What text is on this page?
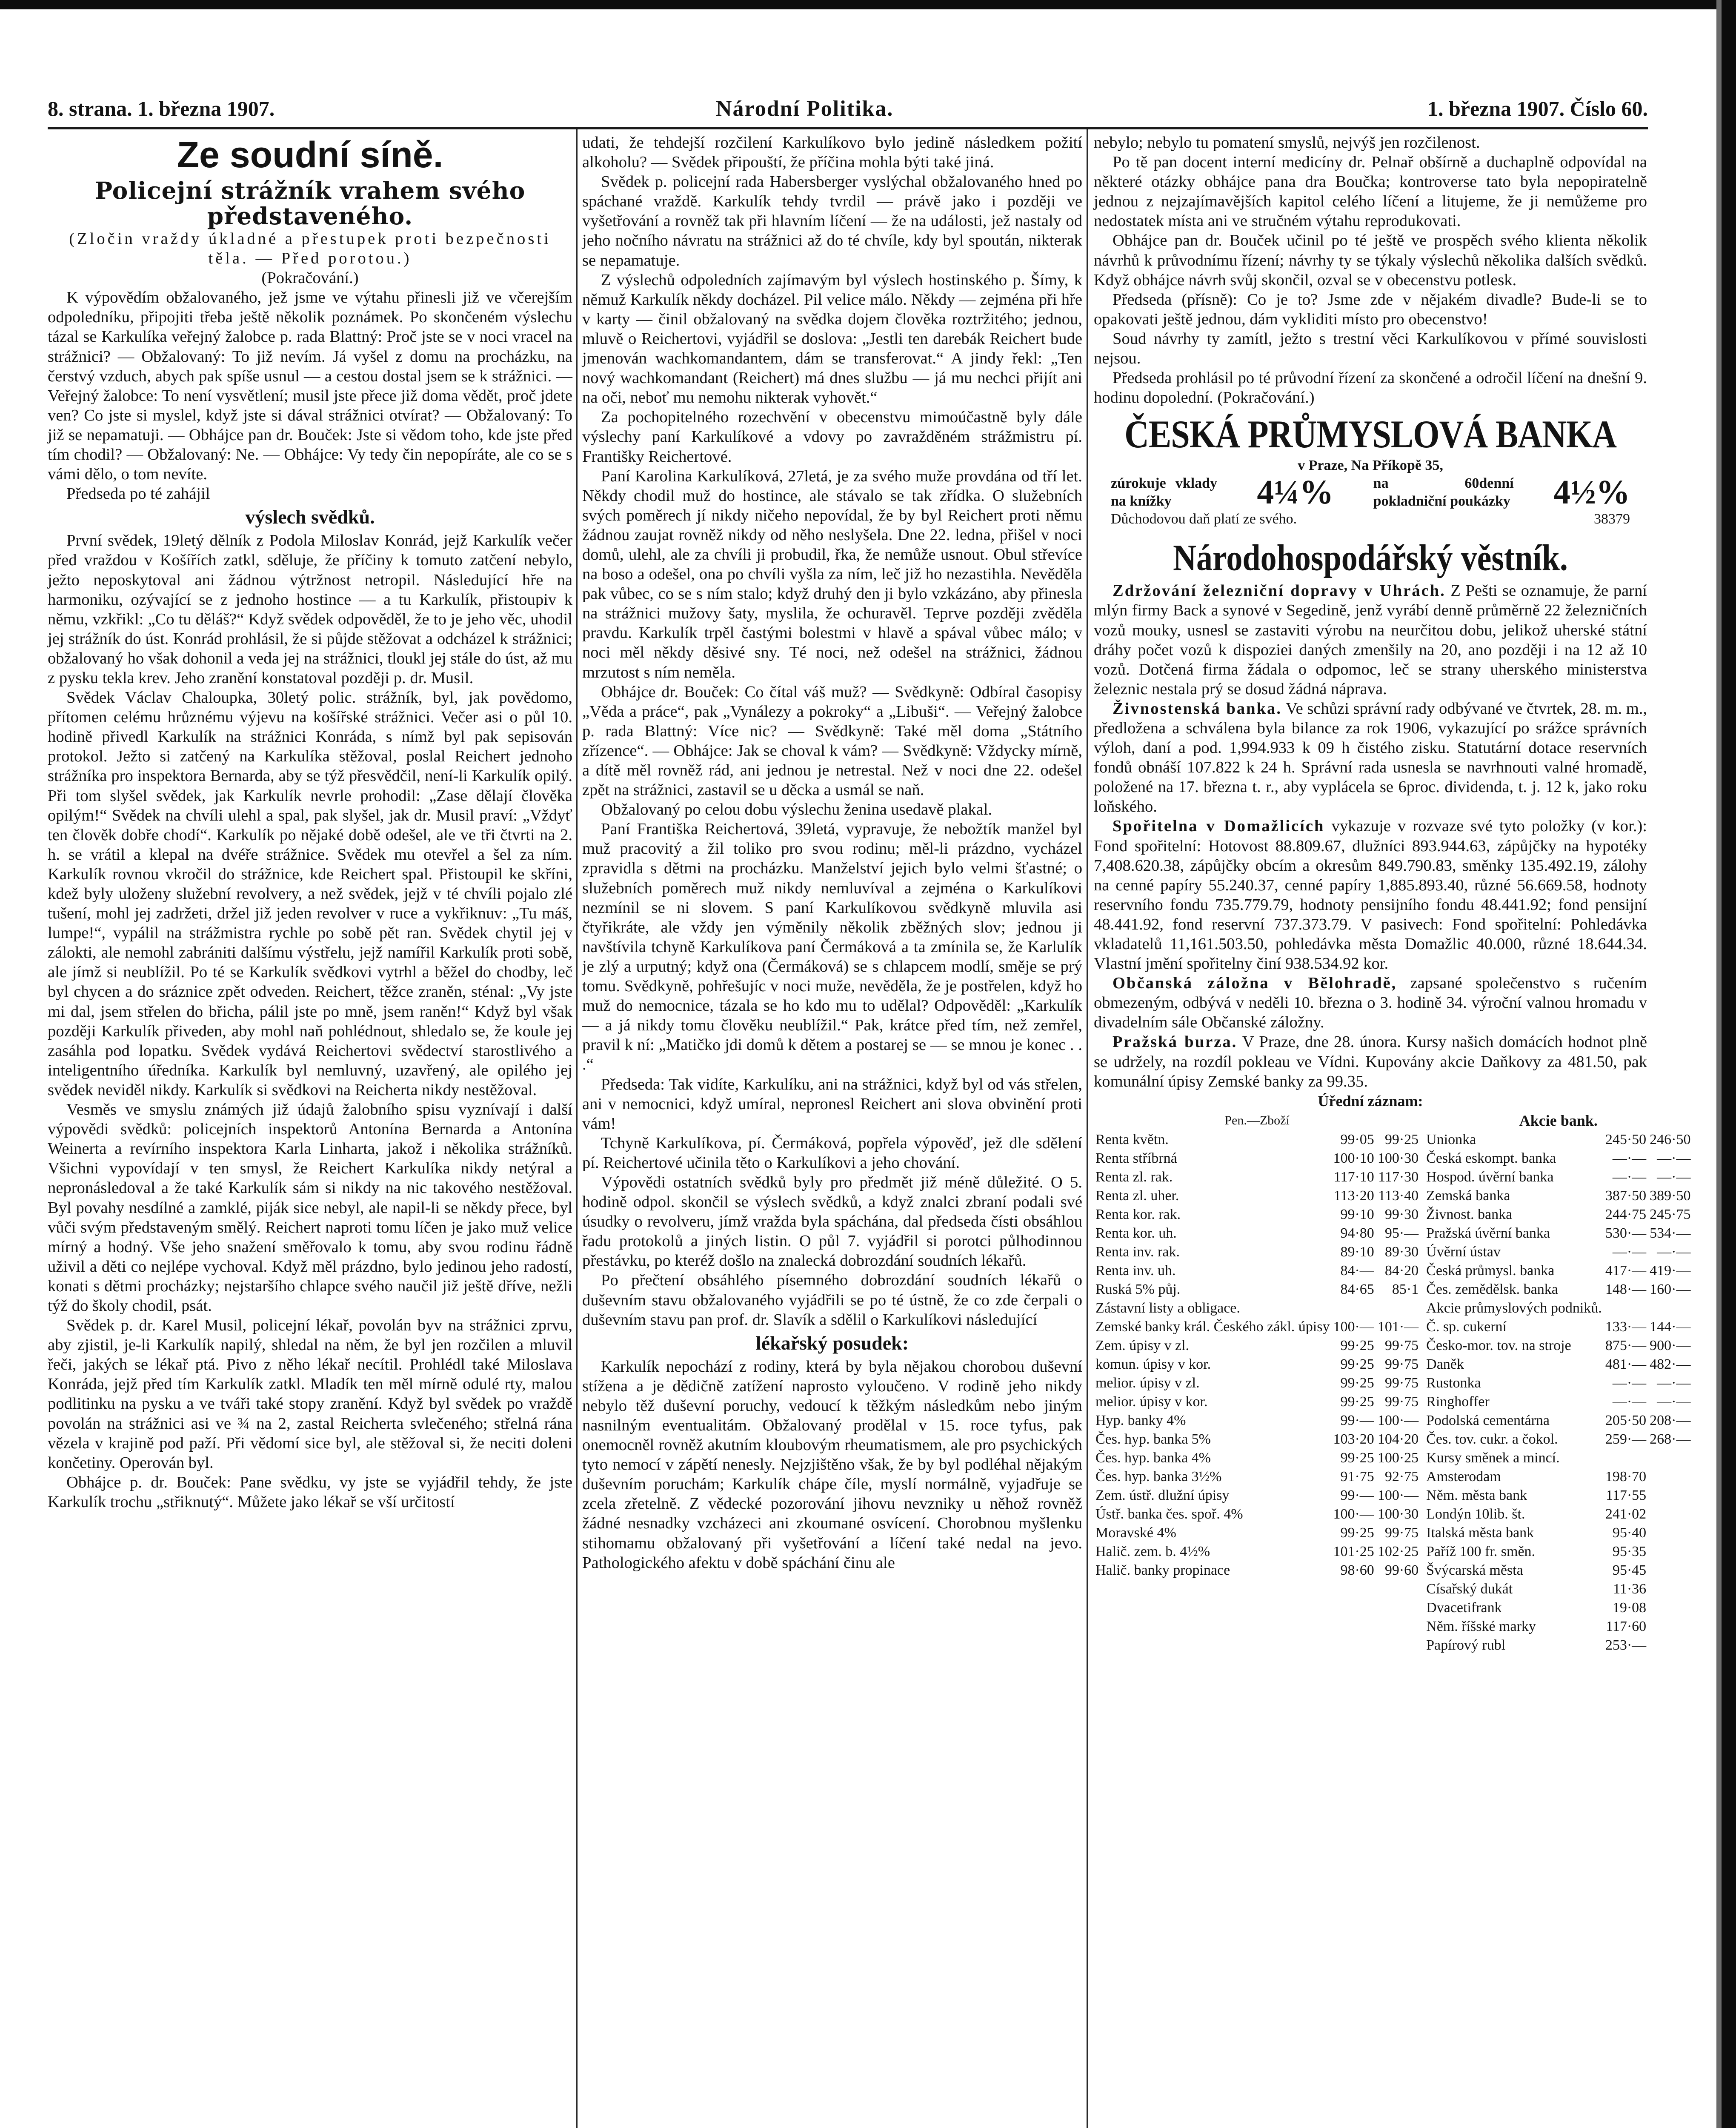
8. strana. 1. března 1907.	Národní Politika.	1. března 1907. Číslo 60.
Ze soudní síně.
Policejní strážník vrahem svého představeného.

(Zločin vraždy úkladné a přestupek proti bezpečnosti těla. — Před porotou.)

(Pokračování.)

K výpovědím obžalovaného, jež jsme ve výtahu přinesli již ve včerejším odpoledníku, připojiti třeba ještě několik poznámek. Po skončeném výslechu tázal se Karkulíka veřejný žalobce p. rada Blattný: Proč jste se v noci vracel na strážnici? — Obžalovaný: To již nevím. Já vyšel z domu na procházku, na čerstvý vzduch, abych pak spíše usnul — a cestou dostal jsem se k strážnici. — Veřejný žalobce: To není vysvětlení; musil jste přece již doma vědět, proč jdete ven? Co jste si myslel, když jste si dával strážnici otvírat? — Obžalovaný: To již se nepamatuji. — Obhájce pan dr. Bouček: Jste si vědom toho, kde jste před tím chodil? — Obžalovaný: Ne. — Obhájce: Vy tedy čin nepopíráte, ale co se s vámi dělo, o tom nevíte.

Předseda po té zahájil

výslech svědků.

První svědek, 19letý dělník z Podola Miloslav Konrád, jejž Karkulík večer před vraždou v Košířích zatkl, sděluje, že příčiny k tomuto zatčení nebylo, ježto neposkytoval ani žádnou výtržnost netropil. Následující hře na harmoniku, ozývající se z jednoho hostince — a tu Karkulík, přistoupiv k němu, vzkřikl: „Co tu děláš?“ Když svědek odpověděl, že to je jeho věc, uhodil jej strážník do úst. Konrád prohlásil, že si půjde stěžovat a odcházel k strážnici; obžalovaný ho však dohonil a veda jej na strážnici, tloukl jej stále do úst, až mu z pysku tekla krev. Jeho zranění konstatoval později p. dr. Musil.

Svědek Václav Chaloupka, 30letý polic. strážník, byl, jak povědomo, přítomen celému hrůznému výjevu na košířské strážnici. Večer asi o půl 10. hodině přivedl Karkulík na strážnici Konráda, s nímž byl pak sepisován protokol. Ježto si zatčený na Karkulíka stěžoval, poslal Reichert jednoho strážníka pro inspektora Bernarda, aby se týž přesvědčil, není-li Karkulík opilý. Při tom slyšel svědek, jak Karkulík nevrle prohodil: „Zase dělají člověka opilým!“ Svědek na chvíli ulehl a spal, pak slyšel, jak dr. Musil praví: „Vždyť ten člověk dobře chodí“. Karkulík po nějaké době odešel, ale ve tři čtvrti na 2. h. se vrátil a klepal na dvéře strážnice. Svědek mu otevřel a šel za ním. Karkulík rovnou vkročil do strážnice, kde Reichert spal. Přistoupil ke skříni, kdež byly uloženy služební revolvery, a než svědek, jejž v té chvíli pojalo zlé tušení, mohl jej zadržeti, držel již jeden revolver v ruce a vykřiknuv: „Tu máš, lumpe!“, vypálil na strážmistra rychle po sobě pět ran. Svědek chytil jej v zálokti, ale nemohl zabrániti dalšímu výstřelu, jejž namířil Karkulík proti sobě, ale jímž si neublížil. Po té se Karkulík svědkovi vytrhl a běžel do chodby, leč byl chycen a do sráznice zpět odveden. Reichert, těžce zraněn, sténal: „Vy jste mi dal, jsem střelen do břicha, pálil jste po mně, jsem raněn!“ Když byl však později Karkulík přiveden, aby mohl naň pohlédnout, shledalo se, že koule jej zasáhla pod lopatku. Svědek vydává Reichertovi svědectví starostlivého a inteligentního úředníka. Karkulík byl nemluvný, uzavřený, ale opilého jej svědek neviděl nikdy. Karkulík si svědkovi na Reicherta nikdy nestěžoval.

Vesměs ve smyslu známých již údajů žalobního spisu vyznívají i další výpovědi svědků: policejních inspektorů Antonína Bernarda a Antonína Weinerta a revírního inspektora Karla Linharta, jakož i několika strážníků. Všichni vypovídají v ten smysl, že Reichert Karkulíka nikdy netýral a nepronásledoval a že také Karkulík sám si nikdy na nic takového nestěžoval. Byl povahy nesdílné a zamklé, piják sice nebyl, ale napil-li se někdy přece, byl vůči svým představeným smělý. Reichert naproti tomu líčen je jako muž velice mírný a hodný. Vše jeho snažení směřovalo k tomu, aby svou rodinu řádně uživil a děti co nejlépe vychoval. Když měl prázdno, bylo jedinou jeho radostí, konati s dětmi procházky; nejstaršího chlapce svého naučil již ještě dříve, nežli týž do školy chodil, psát.

Svědek p. dr. Karel Musil, policejní lékař, povolán byv na strážnici zprvu, aby zjistil, je-li Karkulík napilý, shledal na něm, že byl jen rozčilen a mluvil řeči, jakých se lékař ptá. Pivo z něho lékař necítil. Prohlédl také Miloslava Konráda, jejž před tím Karkulík zatkl. Mladík ten měl mírně odulé rty, malou podlitinku na pysku a ve tváři také stopy zranění. Když byl svědek po vraždě povolán na strážnici asi ve ¾ na 2, zastal Reicherta svlečeného; střelná rána vězela v krajině pod paží. Při vědomí sice byl, ale stěžoval si, že neciti doleni končetiny. Operován byl.

Obhájce p. dr. Bouček: Pane svědku, vy jste se vyjádřil tehdy, že jste Karkulík trochu „střiknutý“. Můžete jako lékař se vší určitostí

udati, že tehdejší rozčilení Karkulíkovo bylo jedině následkem požití alkoholu? — Svědek připouští, že příčina mohla býti také jiná.

Svědek p. policejní rada Habersberger vyslýchal obžalovaného hned po spáchané vraždě. Karkulík tehdy tvrdil — právě jako i později ve vyšetřování a rovněž tak při hlavním líčení — že na události, jež nastaly od jeho nočního návratu na strážnici až do té chvíle, kdy byl spoután, nikterak se nepamatuje.

Z výslechů odpoledních zajímavým byl výslech hostinského p. Šímy, k němuž Karkulík někdy docházel. Pil velice málo. Někdy — zejména při hře v karty — činil obžalovaný na svědka dojem člověka roztržitého; jednou, mluvě o Reichertovi, vyjádřil se doslova: „Jestli ten darebák Reichert bude jmenován wachkomandantem, dám se transferovat.“ A jindy řekl: „Ten nový wachkomandant (Reichert) má dnes službu — já mu nechci přijít ani na oči, neboť mu nemohu nikterak vyhovět.“

Za pochopitelného rozechvění v obecenstvu mimoúčastně byly dále výslechy paní Karkulíkové a vdovy po zavražděném strážmistru pí. Františky Reichertové.

Paní Karolina Karkulíková, 27letá, je za svého muže provdána od tří let. Někdy chodil muž do hostince, ale stávalo se tak zřídka. O služebních svých poměrech jí nikdy ničeho nepovídal, že by byl Reichert proti němu žádnou zaujat rovněž nikdy od něho neslyšela. Dne 22. ledna, přišel v noci domů, ulehl, ale za chvíli ji probudil, řka, že nemůže usnout. Obul střevíce na boso a odešel, ona po chvíli vyšla za ním, leč již ho nezastihla. Nevěděla pak vůbec, co se s ním stalo; když druhý den ji bylo vzkázáno, aby přinesla na strážnici mužovy šaty, myslila, že ochuravěl. Teprve později zvěděla pravdu. Karkulík trpěl častými bolestmi v hlavě a spával vůbec málo; v noci měl někdy děsivé sny. Té noci, než odešel na strážnici, žádnou mrzutost s ním neměla.

Obhájce dr. Bouček: Co čítal váš muž? — Svědkyně: Odbíral časopisy „Věda a práce“, pak „Vynálezy a pokroky“ a „Libuši“. — Veřejný žalobce p. rada Blattný: Více nic? — Svědkyně: Také měl doma „Státního zřízence“. — Obhájce: Jak se choval k vám? — Svědkyně: Vždycky mírně, a dítě měl rovněž rád, ani jednou je netrestal. Než v noci dne 22. odešel zpět na strážnici, zastavil se u děcka a usmál se naň.

Obžalovaný po celou dobu výslechu ženina usedavě plakal.

Paní Františka Reichertová, 39letá, vypravuje, že nebožtík manžel byl muž pracovitý a žil toliko pro svou rodinu; měl-li prázdno, vycházel zpravidla s dětmi na procházku. Manželství jejich bylo velmi šťastné; o služebních poměrech muž nikdy nemluvíval a zejména o Karkulíkovi nezmínil se ni slovem. S paní Karkulíkovou svědkyně mluvila asi čtyřikráte, ale vždy jen výměnily několik zběžných slov; jednou ji navštívila tchyně Karkulíkova paní Čermáková a ta zmínila se, že Karlulík je zlý a urputný; když ona (Čermáková) se s chlapcem modlí, směje se prý tomu. Svědkyně, pohřešujíc v noci muže, nevěděla, že je postřelen, když ho muž do nemocnice, tázala se ho kdo mu to udělal? Odpověděl: „Karkulík — a já nikdy tomu člověku neublížil.“ Pak, krátce před tím, než zemřel, pravil k ní: „Matičko jdi domů k dětem a postarej se — se mnou je konec . . .“

Předseda: Tak vidíte, Karkulíku, ani na strážnici, když byl od vás střelen, ani v nemocnici, když umíral, nepronesl Reichert ani slova obvinění proti vám!

Tchyně Karkulíkova, pí. Čermáková, popřela výpověď, jež dle sdělení pí. Reichertové učinila těto o Karkulíkovi a jeho chování.

Výpovědi ostatních svědků byly pro předmět již méně důležité. O 5. hodině odpol. skončil se výslech svědků, a když znalci zbraní podali své úsudky o revolveru, jímž vražda byla spáchána, dal předseda čísti obsáhlou řadu protokolů a jiných listin. O půl 7. vyjádřil si porotci půlhodinnou přestávku, po kteréž došlo na znalecká dobrozdání soudních lékařů.

Po přečtení obsáhlého písemného dobrozdání soudních lékařů o duševním stavu obžalovaného vyjádřili se po té ústně, že co zde čerpali o duševním stavu pan prof. dr. Slavík a sdělil o Karkulíkovi následující

lékařský posudek:

Karkulík nepochází z rodiny, která by byla nějakou chorobou duševní stížena a je dědičně zatížení naprosto vyloučeno. V rodině jeho nikdy nebylo těž duševní poruchy, vedoucí k těžkým následkům nebo jiným nasnilným eventualitám. Obžalovaný prodělal v 15. roce tyfus, pak onemocněl rovněž akutním kloubovým rheumatismem, ale pro psychických tyto nemocí v zápětí nenesly. Nejzjištěno však, že by byl podléhal nějakým duševním poruchám; Karkulík chápe číle, myslí normálně, vyjadřuje se zcela zřetelně. Z vědecké pozorování jihovu nevzniky u něhož rovněž žádné nesnadky vzcházeci ani zkoumané osvícení. Chorobnou myšlenku stihomamu obžalovaný při vyšetřování a líčení také nedal na jevo. Pathologického afektu v době spáchání činu ale

nebylo; nebylo tu pomatení smyslů, nejvýš jen rozčilenost.

Po tě pan docent interní medicíny dr. Pelnař obšírně a duchaplně odpovídal na některé otázky obhájce pana dra Boučka; kontroverse tato byla nepopiratelně jednou z nejzajímavějších kapitol celého líčení a litujeme, že ji nemůžeme pro nedostatek místa ani ve stručném výtahu reprodukovati.

Obhájce pan dr. Bouček učinil po té ještě ve prospěch svého klienta několik návrhů k průvodnímu řízení; návrhy ty se týkaly výslechů několika dalších svědků. Když obhájce návrh svůj skončil, ozval se v obecenstvu potlesk.

Předseda (přísně): Co je to? Jsme zde v nějakém divadle? Bude-li se to opakovati ještě jednou, dám vykliditi místo pro obecenstvo!

Soud návrhy ty zamítl, ježto s trestní věci Karkulíkovou v přímé souvislosti nejsou.

Předseda prohlásil po té průvodní řízení za skončené a odročil líčení na dnešní 9. hodinu dopolední. (Pokračování.)

ČESKÁ PRŮMYSLOVÁ BANKA
v Praze, Na Příkopě 35,
zúrokuje vklady na knížky	4¼%	na 60denní pokladniční poukázky 4½%
Důchodovou daň platí ze svého.	38379
Národohospodářský věstník.

Zdržování železniční dopravy v Uhrách. Z Pešti se oznamuje, že parní mlýn firmy Back a synové v Segedině, jenž vyrábí denně průměrně 22 železničních vozů mouky, usnesl se zastaviti výrobu na neurčitou dobu, jelikož uherské státní dráhy počet vozů k dispoziei daných zmenšily na 20, ano později i na 12 až 10 vozů. Dotčená firma žádala o odpomoc, leč se strany uherského ministerstva železnic nestala prý se dosud žádná náprava.

Živnostenská banka. Ve schůzi správní rady odbývané ve čtvrtek, 28. m. m., předložena a schválena byla bilance za rok 1906, vykazující po srážce správních výloh, daní a pod. 1,994.933 k 09 h čistého zisku. Statutární dotace reservních fondů obnáší 107.822 k 24 h. Správní rada usnesla se navrhnouti valné hromadě, položené na 17. března t. r., aby vyplácela se 6proc. dividenda, t. j. 12 k, jako roku loňského.

Spořitelna v Domažlicích vykazuje v rozvaze své tyto položky (v kor.): Fond spořitelní: Hotovost 88.809.67, dlužníci 893.944.63, zápůjčky na hypotéky 7,408.620.38, zápůjčky obcím a okresům 849.790.83, směnky 135.492.19, zálohy na cenné papíry 55.240.37, cenné papíry 1,885.893.40, různé 56.669.58, hodnoty reservního fondu 735.779.79, hodnoty pensijního fondu 48.441.92; fond pensijní 48.441.92, fond reservní 737.373.79. V pasivech: Fond spořitelní: Pohledávka vkladatelů 11,161.503.50, pohledávka města Domažlic 40.000, různé 18.644.34. Vlastní jmění spořitelny činí 938.534.92 kor.

Občanská záložna v Bělohradě, zapsané společenstvo s ručením obmezeným, odbývá v neděli 10. března o 3. hodině 34. výroční valnou hromadu v divadelním sále Občanské záložny.

Pražská burza. V Praze, dne 28. února. Kursy našich domácích hodnot plně se udržely, na rozdíl pokleau ve Vídni. Kupovány akcie Daňkovy za 481.50, pak komunální úpisy Zemské banky za 99.35.

Úřední záznam:
Pen.—Zboží
Renta květn.	99·05	99·25
Renta stříbrná	100·10	100·30
Renta zl. rak.	117·10	117·30
Renta zl. uher.	113·20	113·40
Renta kor. rak.	99·10	99·30
Renta kor. uh.	94·80	95·—
Renta inv. rak.	89·10	89·30
Renta inv. uh.	84·—	84·20
Ruská 5% půj.	84·65	85·1
Zástavní listy a obligace.		
Zemské banky král. Českého zákl. úpisy	100·—	101·—
Zem. úpisy v zl.	99·25	99·75
komun. úpisy v kor.	99·25	99·75
melior. úpisy v zl.	99·25	99·75
melior. úpisy v kor.	99·25	99·75
Hyp. banky 4%	99·—	100·—
Čes. hyp. banka 5%	103·20	104·20
Čes. hyp. banka 4%	99·25	100·25
Čes. hyp. banka 3½%	91·75	92·75
Zem. ústř. dlužní úpisy	99·—	100·—
Ústř. banka čes. spoř. 4%	100·—	100·30
Moravské 4%	99·25	99·75
Halič. zem. b. 4½%	101·25	102·25
Halič. banky propinace	98·60	99·60
Akcie bank.
Unionka	245·50	246·50
Česká eskompt. banka	—·—	—·—
Hospod. úvěrní banka	—·—	—·—
Zemská banka	387·50	389·50
Živnost. banka	244·75	245·75
Pražská úvěrní banka	530·—	534·—
Úvěrní ústav	—·—	—·—
Česká průmysl. banka	417·—	419·—
Čes. zemědělsk. banka	148·—	160·—
Akcie průmyslových podniků.		
Č. sp. cukerní	133·—	144·—
Česko-mor. tov. na stroje	875·—	900·—
Daněk	481·—	482·—
Rustonka	—·—	—·—
Ringhoffer	—·—	—·—
Podolská cementárna	205·50	208·—
Čes. tov. cukr. a čokol.	259·—	268·—
Kursy směnek a mincí.		
Amsterodam	198·70	
Něm. města bank	117·55	
Londýn 10lib. št.	241·02	
Italská města bank	95·40	
Paříž 100 fr. směn.	95·35	
Švýcarská města	95·45	
Císařský dukát	11·36	
Dvacetifrank	19·08	
Něm. říšské marky	117·60	
Papírový rubl	253·—	
